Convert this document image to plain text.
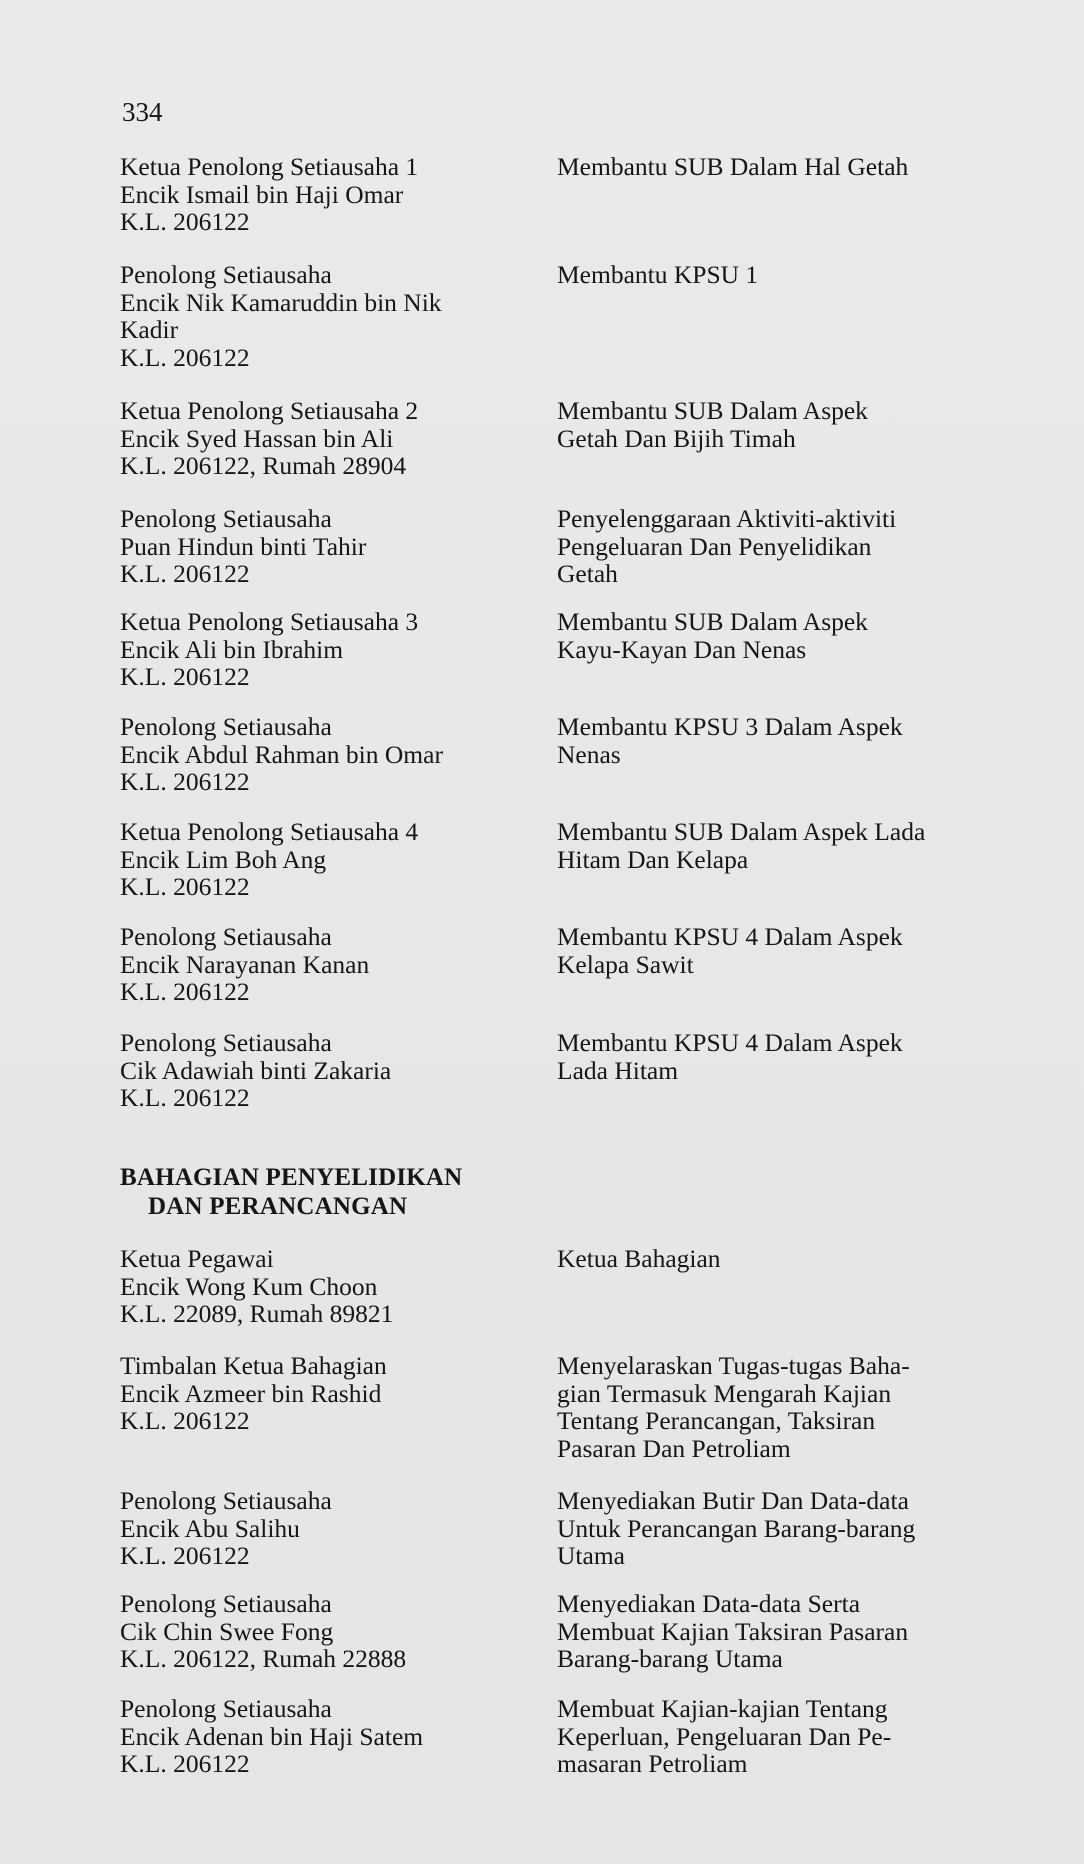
334
Ketua Penolong Setiausaha 1
Encik Ismail bin Haji Omar
K.L. 206122
Membantu SUB Dalam Hal Getah
Penolong Setiausaha
Encik Nik Kamaruddin bin Nik
Kadir
K.L. 206122
Membantu KPSU 1
Ketua Penolong Setiausaha 2
Encik Syed Hassan bin Ali
K.L. 206122, Rumah 28904
Membantu SUB Dalam Aspek
Getah Dan Bijih Timah
Penolong Setiausaha
Puan Hindun binti Tahir
K.L. 206122
Penyelenggaraan Aktiviti-aktiviti
Pengeluaran Dan Penyelidikan
Getah
Ketua Penolong Setiausaha 3
Encik Ali bin Ibrahim
K.L. 206122
Membantu SUB Dalam Aspek
Kayu-Kayan Dan Nenas
Penolong Setiausaha
Encik Abdul Rahman bin Omar
K.L. 206122
Membantu KPSU 3 Dalam Aspek
Nenas
Ketua Penolong Setiausaha 4
Encik Lim Boh Ang
K.L. 206122
Membantu SUB Dalam Aspek Lada
Hitam Dan Kelapa
Penolong Setiausaha
Encik Narayanan Kanan
K.L. 206122
Membantu KPSU 4 Dalam Aspek
Kelapa Sawit
Penolong Setiausaha
Cik Adawiah binti Zakaria
K.L. 206122
Membantu KPSU 4 Dalam Aspek
Lada Hitam
BAHAGIAN PENYELIDIKAN
DAN PERANCANGAN
Ketua Pegawai
Encik Wong Kum Choon
K.L. 22089, Rumah 89821
Ketua Bahagian
Timbalan Ketua Bahagian
Encik Azmeer bin Rashid
K.L. 206122
Menyelaraskan Tugas-tugas Baha-
gian Termasuk Mengarah Kajian
Tentang Perancangan, Taksiran
Pasaran Dan Petroliam
Penolong Setiausaha
Encik Abu Salihu
K.L. 206122
Menyediakan Butir Dan Data-data
Untuk Perancangan Barang-barang
Utama
Penolong Setiausaha
Cik Chin Swee Fong
K.L. 206122, Rumah 22888
Menyediakan Data-data Serta
Membuat Kajian Taksiran Pasaran
Barang-barang Utama
Penolong Setiausaha
Encik Adenan bin Haji Satem
K.L. 206122
Membuat Kajian-kajian Tentang
Keperluan, Pengeluaran Dan Pe-
masaran Petroliam
